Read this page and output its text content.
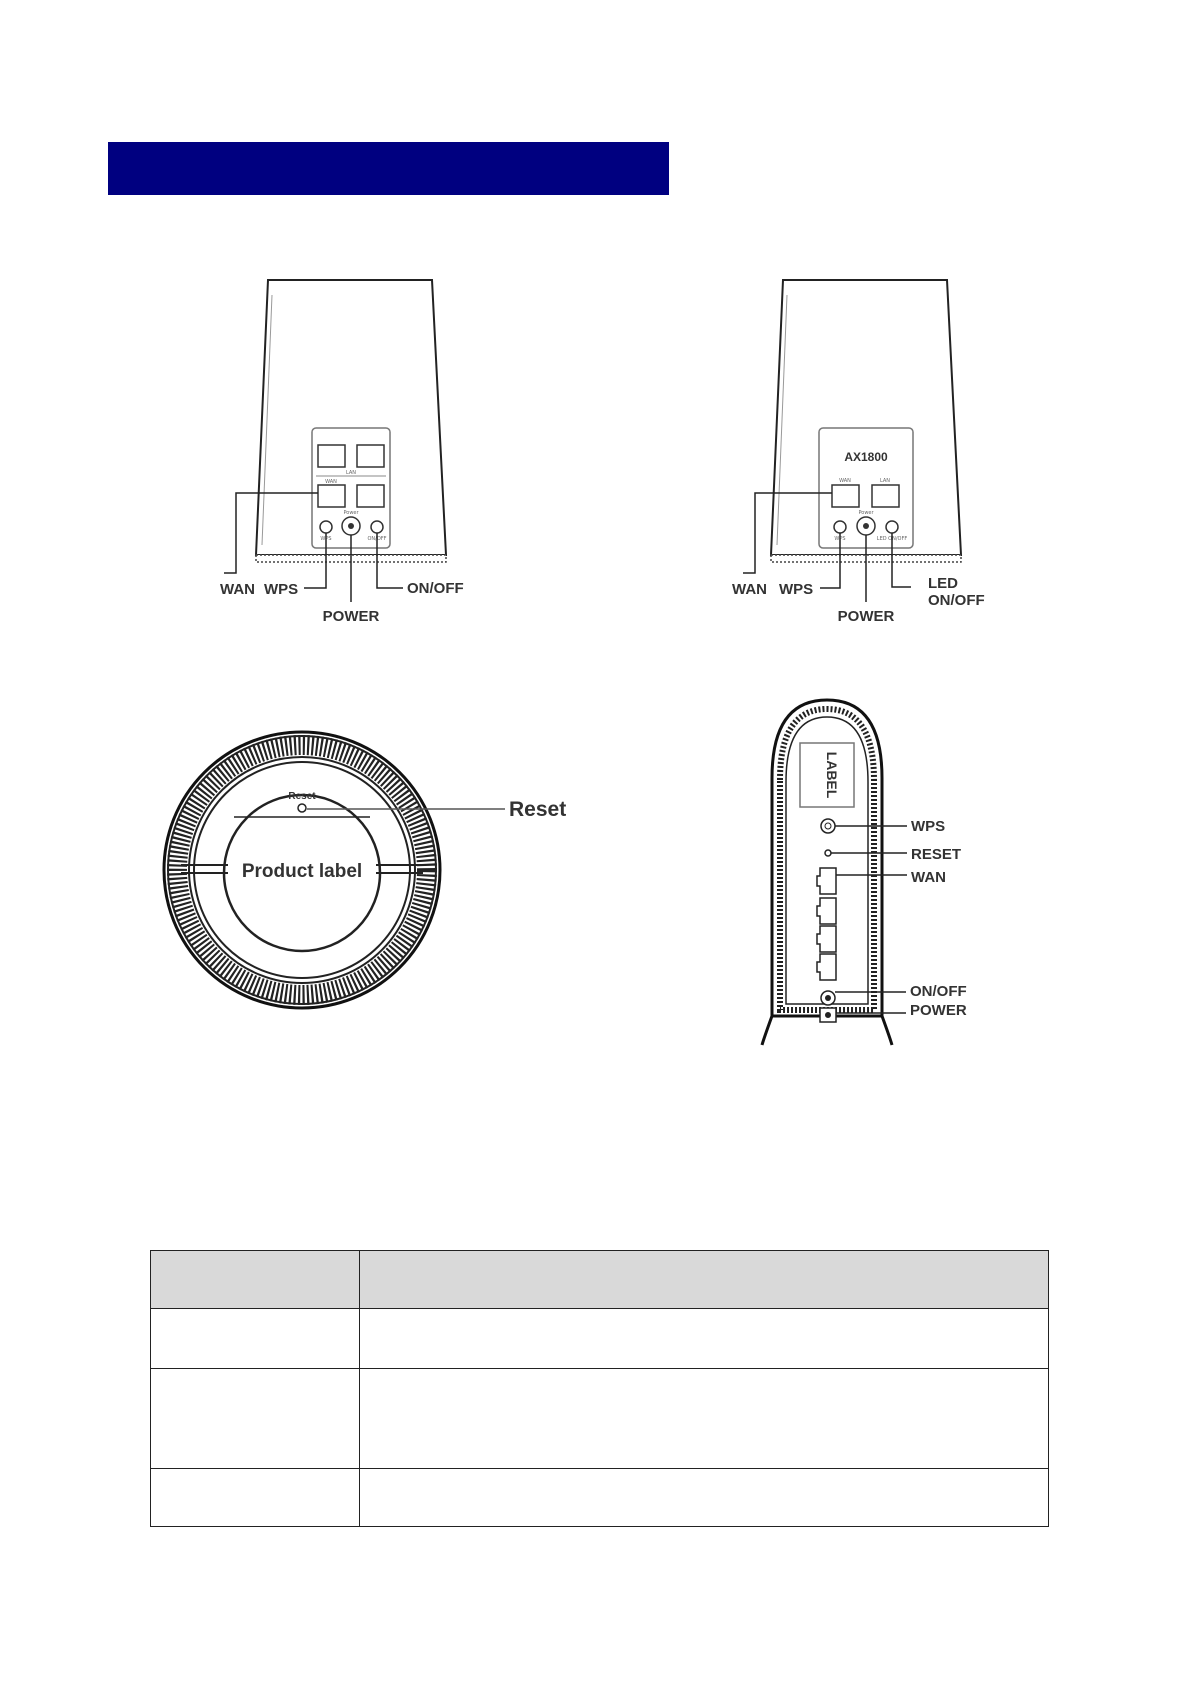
LAN
WAN
WPS
Power
ON/OFF
WAN WPS
POWER
ON/OFF
AX1800
WAN	LAN
WPS
Power
LED ON/OFF
WAN WPS
POWER
LED
ON/OFF
Reset
Reset
Product label
LABEL
WPS
RESET
WAN
ON/OFF
POWER
